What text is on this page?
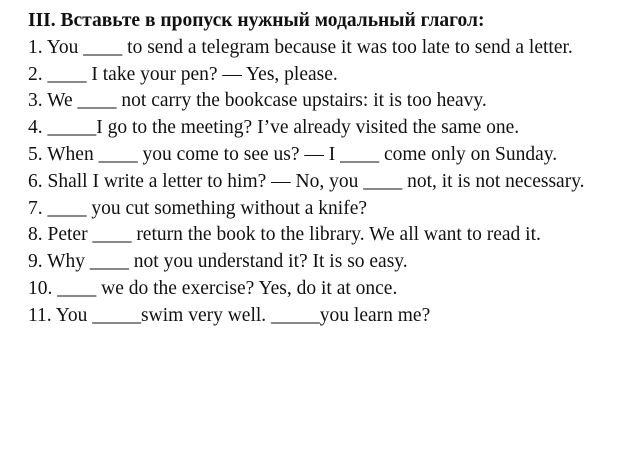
III. Вставьте в пропуск нужный модальный глагол:

1. You ____ to send a telegram because it was too late to send a letter.

2. ____ I take your pen? — Yes, please.

3. We ____ not carry the bookcase upstairs: it is too heavy.

4. _____I go to the meeting? I’ve already visited the same one.

5. When ____ you come to see us? — I ____ come only on Sunday.

6. Shall I write a letter to him? — No, you ____ not, it is not necessary.

7. ____ you cut something without a knife?

8. Peter ____ return the book to the library. We all want to read it.

9. Why ____ not you understand it? It is so easy.

10. ____ we do the exercise? Yes, do it at once.

11. You _____swim very well. _____you learn me?
